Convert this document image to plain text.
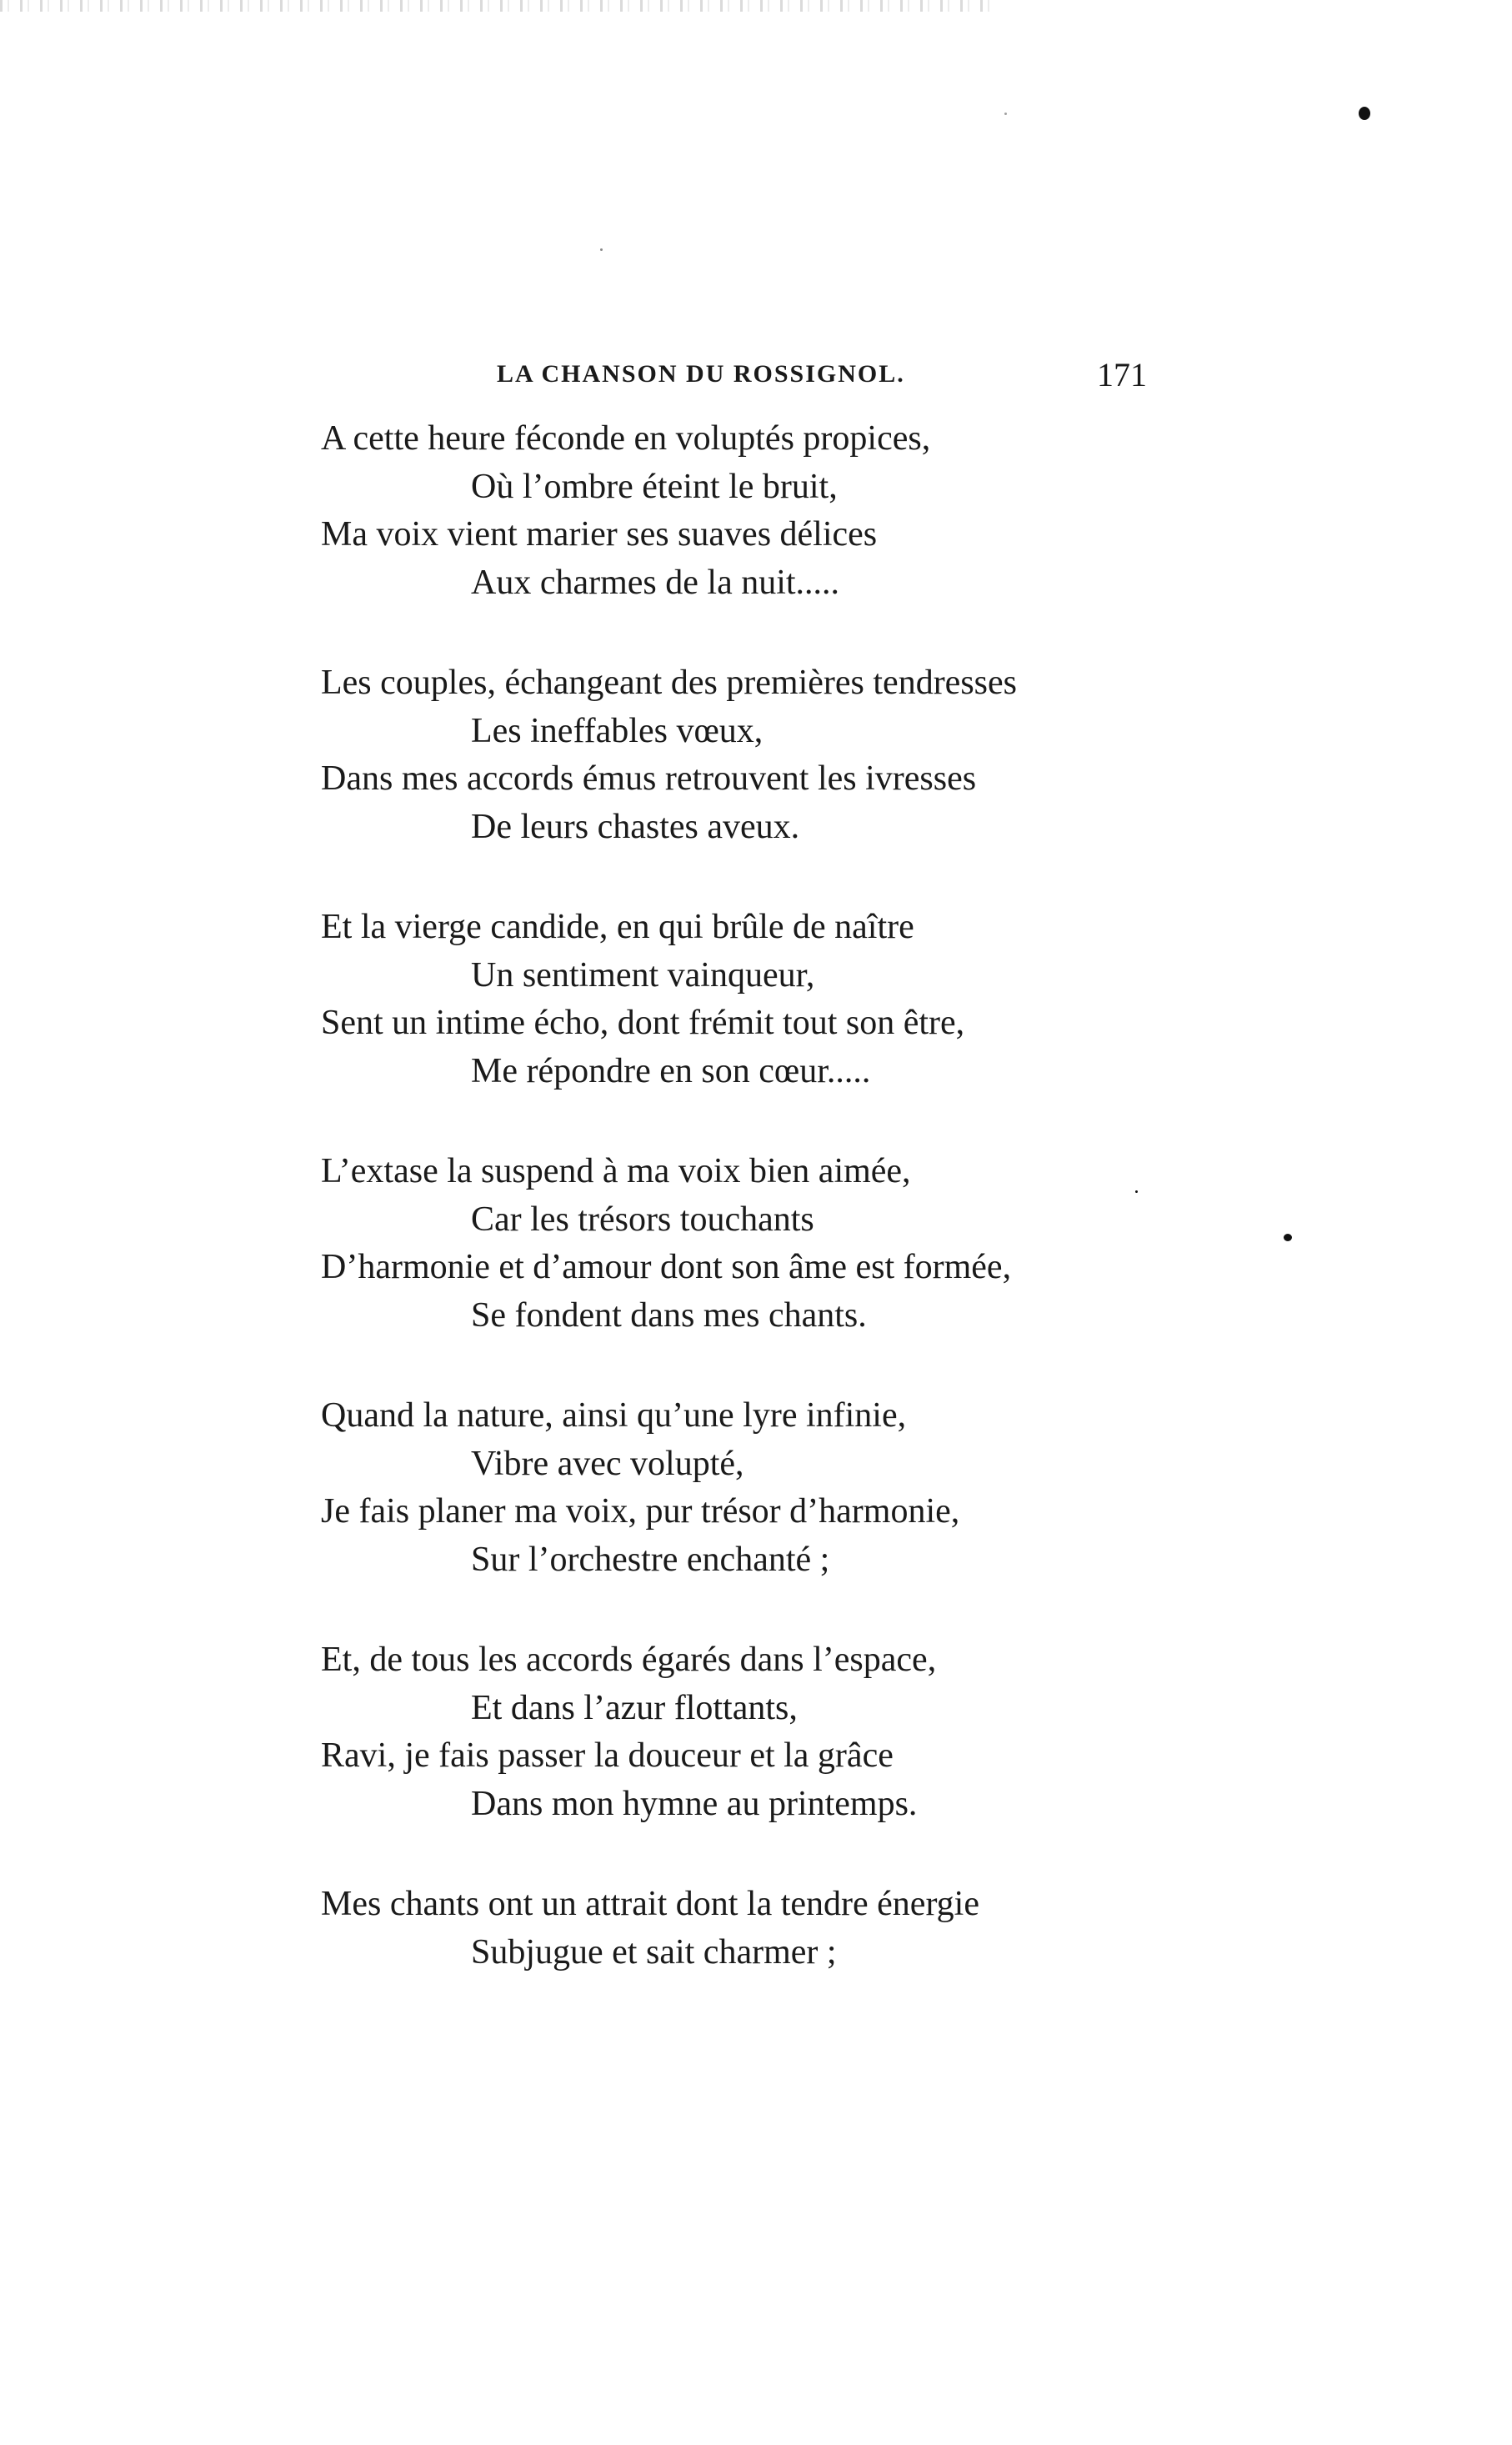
LA CHANSON DU ROSSIGNOL.	171
A cette heure féconde en voluptés propices,
Où l’ombre éteint le bruit,
Ma voix vient marier ses suaves délices
Aux charmes de la nuit.....
Les couples, échangeant des premières tendresses
Les ineffables vœux,
Dans mes accords émus retrouvent les ivresses
De leurs chastes aveux.
Et la vierge candide, en qui brûle de naître
Un sentiment vainqueur,
Sent un intime écho, dont frémit tout son être,
Me répondre en son cœur.....
L’extase la suspend à ma voix bien aimée,
Car les trésors touchants
D’harmonie et d’amour dont son âme est formée,
Se fondent dans mes chants.
Quand la nature, ainsi qu’une lyre infinie,
Vibre avec volupté,
Je fais planer ma voix, pur trésor d’harmonie,
Sur l’orchestre enchanté ;
Et, de tous les accords égarés dans l’espace,
Et dans l’azur flottants,
Ravi, je fais passer la douceur et la grâce
Dans mon hymne au printemps.
Mes chants ont un attrait dont la tendre énergie
Subjugue et sait charmer ;
